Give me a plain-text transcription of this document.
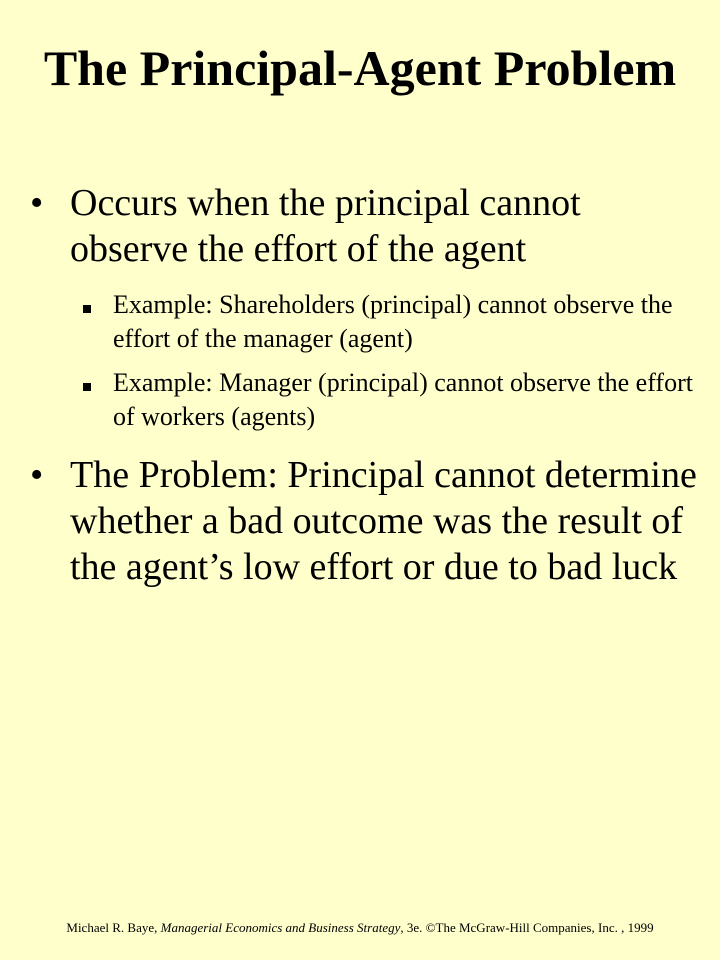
The Principal-Agent Problem
• Occurs when the principal cannot observe the effort of the agent
Example: Shareholders (principal) cannot observe the effort of the manager (agent)
Example: Manager (principal) cannot observe the effort of workers (agents)
• The Problem: Principal cannot determine whether a bad outcome was the result of the agent’s low effort or due to bad luck
Michael R. Baye, Managerial Economics and Business Strategy, 3e. ©The McGraw-Hill Companies, Inc. , 1999
